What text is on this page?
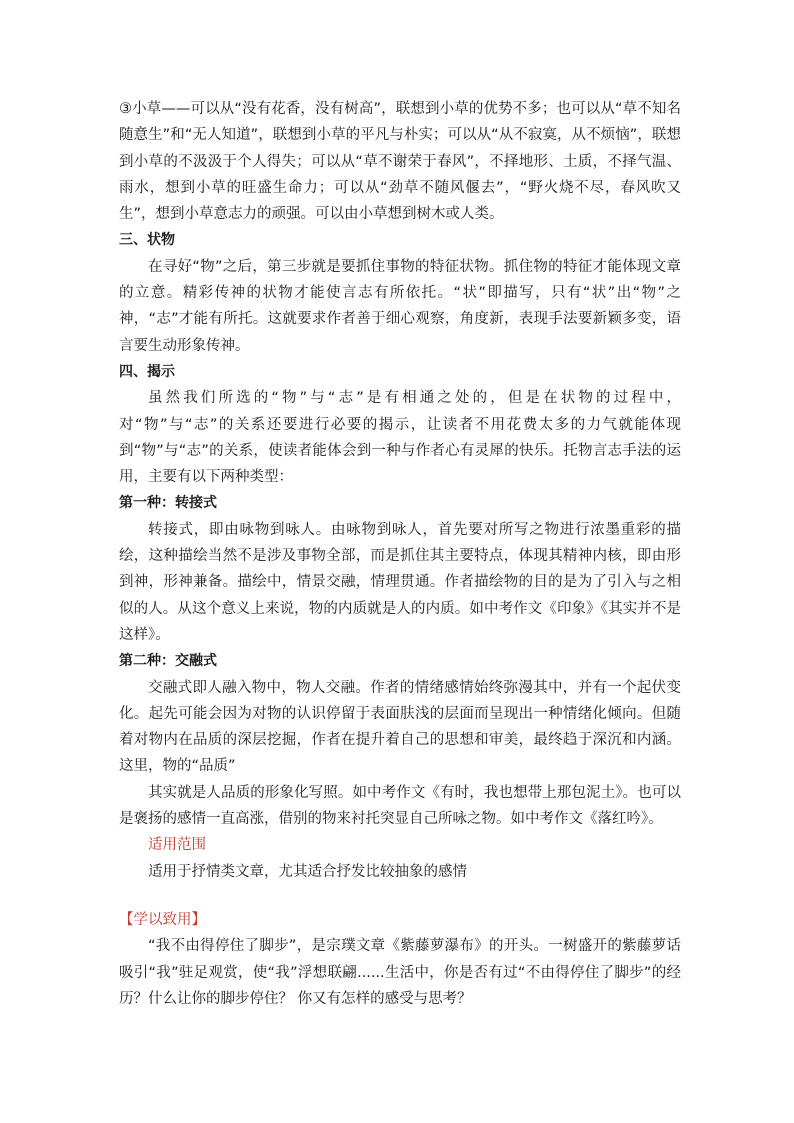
③小草——可以从“没有花香，没有树高”，联想到小草的优势不多；也可以从“草不知名随意生”和“无人知道”，联想到小草的平凡与朴实；可以从“从不寂寞，从不烦恼”，联想到小草的不汲汲于个人得失；可以从“草不谢荣于春风”，不择地形、土质，不择气温、雨水，想到小草的旺盛生命力；可以从“劲草不随风偃去”，“野火烧不尽，春风吹又生”，想到小草意志力的顽强。可以由小草想到树木或人类。

三、状物

在寻好“物”之后，第三步就是要抓住事物的特征状物。抓住物的特征才能体现文章的立意。精彩传神的状物才能使言志有所依托。“状”即描写，只有“状”出“物”之神，“志”才能有所托。这就要求作者善于细心观察，角度新，表现手法要新颖多变，语言要生动形象传神。

四、揭示

虽然我们所选的“物”与“志”是有相通之处的，但是在状物的过程中，对“物”与“志”的关系还要进行必要的揭示，让读者不用花费太多的力气就能体现到“物”与“志”的关系，使读者能体会到一种与作者心有灵犀的快乐。托物言志手法的运用，主要有以下两种类型：

第一种：转接式

转接式，即由咏物到咏人。由咏物到咏人，首先要对所写之物进行浓墨重彩的描绘，这种描绘当然不是涉及事物全部，而是抓住其主要特点，体现其精神内核，即由形到神，形神兼备。描绘中，情景交融，情理贯通。作者描绘物的目的是为了引入与之相似的人。从这个意义上来说，物的内质就是人的内质。如中考作文《印象》《其实并不是这样》。

第二种：交融式

交融式即人融入物中，物人交融。作者的情绪感情始终弥漫其中，并有一个起伏变化。起先可能会因为对物的认识停留于表面肤浅的层面而呈现出一种情绪化倾向。但随着对物内在品质的深层挖掘，作者在提升着自己的思想和审美，最终趋于深沉和内涵。这里，物的“品质”

其实就是人品质的形象化写照。如中考作文《有时，我也想带上那包泥土》。也可以是褒扬的感情一直高涨，借别的物来衬托突显自己所咏之物。如中考作文《落红吟》。

适用范围

适用于抒情类文章，尤其适合抒发比较抽象的感情

【学以致用】

“我不由得停住了脚步”，是宗璞文章《紫藤萝瀑布》的开头。一树盛开的紫藤萝话吸引“我”驻足观赏，使“我”浮想联翩......生活中，你是否有过“不由得停住了脚步”的经历？什么让你的脚步停住？ 你又有怎样的感受与思考？
